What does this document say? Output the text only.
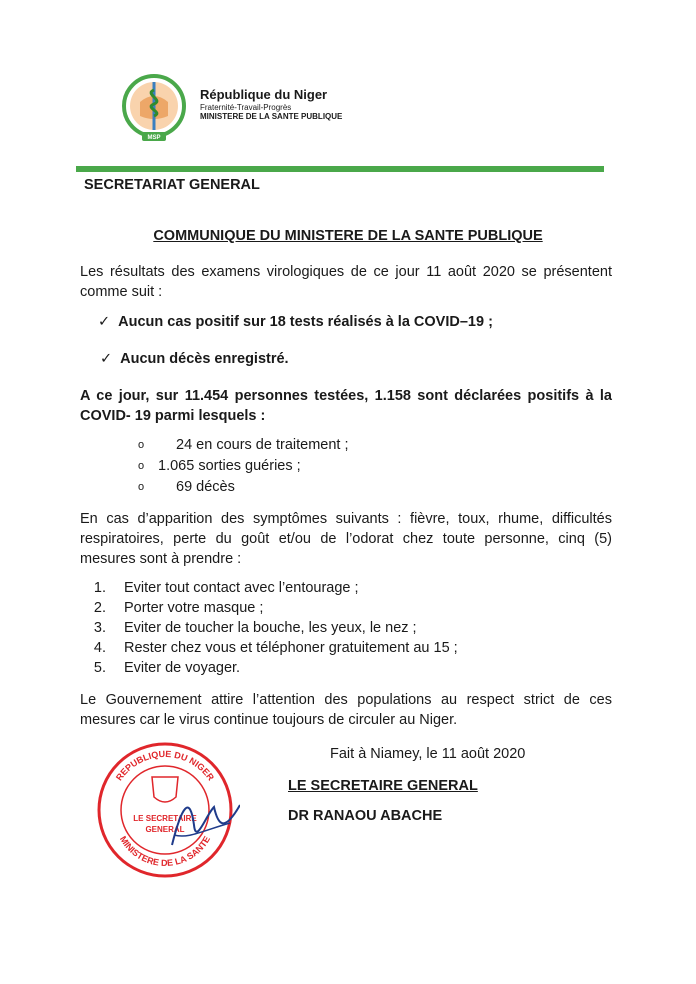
MSP
République du Niger
Fraternité-Travail-Progrès
MINISTERE DE LA SANTE PUBLIQUE
SECRETARIAT GENERAL
COMMUNIQUE DU MINISTERE DE LA SANTE PUBLIQUE
Les résultats des examens virologiques de ce jour 11 août 2020 se présentent comme suit :
✓ Aucun cas positif sur 18 tests réalisés à la COVID–19 ;
✓ Aucun décès enregistré.
A ce jour, sur 11.454 personnes testées, 1.158 sont déclarées positifs à la COVID- 19 parmi lesquels :
o 24 en cours de traitement ;
o 1.065 sorties guéries ;
o 69 décès
En cas d’apparition des symptômes suivants : fièvre, toux, rhume, difficultés respiratoires, perte du goût et/ou de l’odorat chez toute personne, cinq (5) mesures sont à prendre :
1. Eviter tout contact avec l’entourage ;
2. Porter votre masque ;
3. Eviter de toucher la bouche, les yeux, le nez ;
4. Rester chez vous et téléphoner gratuitement au 15 ;
5. Eviter de voyager.
Le Gouvernement attire l’attention des populations au respect strict de ces mesures car le virus continue toujours de circuler au Niger.
Fait à Niamey, le 11 août 2020
LE SECRETAIRE GENERAL
DR RANAOU ABACHE
REPUBLIQUE DU NIGER
MINISTERE DE LA SANTE
LE SECRETAIRE
GENERAL
